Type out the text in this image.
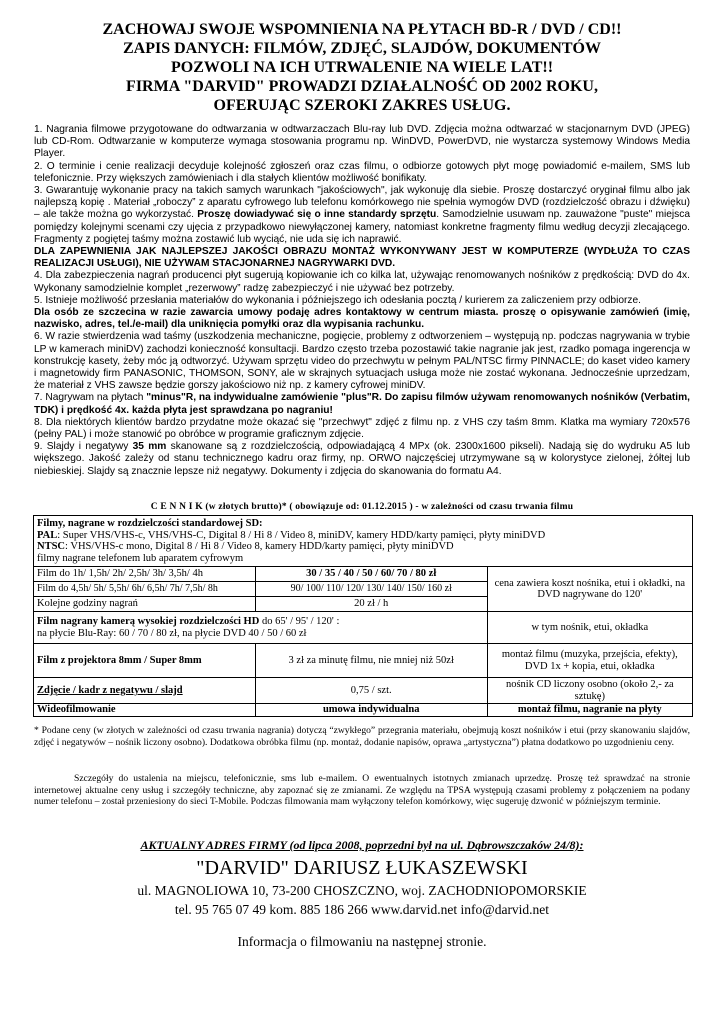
ZACHOWAJ SWOJE WSPOMNIENIA NA PŁYTACH BD-R / DVD / CD!!
ZAPIS DANYCH: FILMÓW, ZDJĘĆ, SLAJDÓW, DOKUMENTÓW
POZWOLI NA ICH UTRWALENIE NA WIELE LAT!!
FIRMA "DARVID" PROWADZI DZIAŁALNOŚĆ OD 2002 ROKU,
OFERUJĄC SZEROKI ZAKRES USŁUG.

1. Nagrania filmowe przygotowane do odtwarzania w odtwarzaczach Blu-ray lub DVD. Zdjęcia można odtwarzać w stacjonarnym DVD (JPEG) lub CD-Rom. Odtwarzanie w komputerze wymaga stosowania programu np. WinDVD, PowerDVD, nie wystarcza systemowy Windows Media Player.

2. O terminie i cenie realizacji decyduje kolejność zgłoszeń oraz czas filmu, o odbiorze gotowych płyt mogę powiadomić e-mailem, SMS lub telefonicznie. Przy większych zamówieniach i dla stałych klientów możliwość bonifikaty.

3. Gwarantuję wykonanie pracy na takich samych warunkach "jakościowych", jak wykonuję dla siebie. Proszę dostarczyć oryginał filmu albo jak najlepszą kopię . Materiał „roboczy” z aparatu cyfrowego lub telefonu komórkowego nie spełnia wymogów DVD (rozdzielczość obrazu i dźwięku) – ale także można go wykorzystać. Proszę dowiadywać się o inne standardy sprzętu. Samodzielnie usuwam np. zauważone "puste" miejsca pomiędzy kolejnymi scenami czy ujęcia z przypadkowo niewyłączonej kamery, natomiast konkretne fragmenty filmu według decyzji zlecającego. Fragmenty z pogiętej taśmy można zostawić lub wyciąć, nie uda się ich naprawić.

DLA ZAPEWNIENIA JAK NAJLEPSZEJ JAKOŚCI OBRAZU MONTAŻ WYKONYWANY JEST W KOMPUTERZE (WYDŁUŻA TO CZAS REALIZACJI USŁUGI), NIE UŻYWAM STACJONARNEJ NAGRYWARKI DVD.

4. Dla zabezpieczenia nagrań producenci płyt sugerują kopiowanie ich co kilka lat, używając renomowanych nośników z prędkością: DVD do 4x. Wykonany samodzielnie komplet „rezerwowy” radzę zabezpieczyć i nie używać bez potrzeby.

5. Istnieje możliwość przesłania materiałów do wykonania i późniejszego ich odesłania pocztą / kurierem za zaliczeniem przy odbiorze.

Dla osób ze szczecina w razie zawarcia umowy podaję adres kontaktowy w centrum miasta. proszę o opisywanie zamówień (imię, nazwisko, adres, tel./e-mail) dla uniknięcia pomyłki oraz dla wypisania rachunku.

6. W razie stwierdzenia wad taśmy (uszkodzenia mechaniczne, pogięcie, problemy z odtworzeniem – występują np. podczas nagrywania w trybie LP w kamerach miniDV) zachodzi konieczność konsultacji. Bardzo często trzeba pozostawić takie nagranie jak jest, rzadko pomaga ingerencja w konstrukcję kasety, żeby móc ją odtworzyć. Używam sprzętu video do przechwytu w pełnym PAL/NTSC firmy PINNACLE; do kaset video kamery i magnetowidy firm PANASONIC, THOMSON, SONY, ale w skrajnych sytuacjach usługa może nie zostać wykonana. Jednocześnie uprzedzam, że materiał z VHS zawsze będzie gorszy jakościowo niż np. z kamery cyfrowej miniDV.

7. Nagrywam na płytach "minus"R, na indywidualne zamówienie "plus"R. Do zapisu filmów używam renomowanych nośników (Verbatim, TDK) i prędkość 4x. każda płyta jest sprawdzana po nagraniu!

8. Dla niektórych klientów bardzo przydatne może okazać się "przechwyt" zdjęć z filmu np. z VHS czy taśm 8mm. Klatka ma wymiary 720x576 (pełny PAL) i może stanowić po obróbce w programie graficznym zdjęcie.

9. Slajdy i negatywy 35 mm skanowane są z rozdzielczością, odpowiadającą 4 MPx (ok. 2300x1600 pikseli). Nadają się do wydruku A5 lub większego. Jakość zależy od stanu technicznego kadru oraz firmy, np. ORWO najczęściej utrzymywane są w kolorystyce zielonej, żółtej lub niebieskiej. Slajdy są znacznie lepsze niż negatywy. Dokumenty i zdjęcia do skanowania do formatu A4.

C E N N I K (w złotych brutto)* ( obowiązuje od: 01.12.2015 ) - w zależności od czasu trwania filmu
Filmy, nagrane w rozdzielczości standardowej SD:
PAL: Super VHS/VHS-c, VHS/VHS-C, Digital 8 / Hi 8 / Video 8, miniDV, kamery HDD/karty pamięci, płyty miniDVD
NTSC: VHS/VHS-c mono, Digital 8 / Hi 8 / Video 8, kamery HDD/karty pamięci, płyty miniDVD
filmy nagrane telefonem lub aparatem cyfrowym		

Film do 1h/ 1,5h/ 2h/ 2,5h/ 3h/ 3,5h/ 4h	30 / 35 / 40 / 50 / 60/ 70 / 80 zł	cena zawiera koszt nośnika, etui i okładki, na DVD nagrywane do 120'
Film do 4,5h/ 5h/ 5,5h/ 6h/ 6,5h/ 7h/ 7,5h/ 8h	90/ 100/ 110/ 120/ 130/ 140/ 150/ 160 zł	
Kolejne godziny nagrań	20 zł / h	

Film nagrany kamerą wysokiej rozdzielczości HD do 65' / 95' / 120' :
na płycie Blu-Ray: 60 / 70 / 80 zł, na płycie DVD 40 / 50 / 60 zł		w tym nośnik, etui, okładka
Film z projektora 8mm / Super 8mm	3 zł za minutę filmu, nie mniej niż 50zł	montaż filmu (muzyka, przejścia, efekty), DVD 1x + kopia, etui, okładka
Zdjęcie / kadr z negatywu / slajd	0,75 / szt.	nośnik CD liczony osobno (około 2,- za sztukę)
Wideofilmowanie	umowa indywidualna	montaż filmu, nagranie na płyty

* Podane ceny (w złotych w zależności od czasu trwania nagrania) dotyczą “zwykłego” przegrania materiału, obejmują koszt nośników i etui (przy skanowaniu slajdów, zdjęć i negatywów – nośnik liczony osobno). Dodatkowa obróbka filmu (np. montaż, dodanie napisów, oprawa „artystyczna”) płatna dodatkowo po uzgodnieniu ceny.

Szczegóły do ustalenia na miejscu, telefonicznie, sms lub e-mailem. O ewentualnych istotnych zmianach uprzedzę. Proszę też sprawdzać na stronie internetowej aktualne ceny usług i szczegóły techniczne, aby zapoznać się ze zmianami. Ze względu na TPSA występują czasami problemy z połączeniem na podany numer telefonu – został przeniesiony do sieci T-Mobile. Podczas filmowania mam wyłączony telefon komórkowy, więc sugeruję dzwonić w późniejszym terminie.
AKTUALNY ADRES FIRMY (od lipca 2008, poprzedni był na ul. Dąbrowszczaków 24/8):
"DARVID" DARIUSZ ŁUKASZEWSKI
ul. MAGNOLIOWA 10, 73-200 CHOSZCZNO, woj. ZACHODNIOPOMORSKIE
tel. 95 765 07 49 kom. 885 186 266 www.darvid.net info@darvid.net
Informacja o filmowaniu na następnej stronie.
